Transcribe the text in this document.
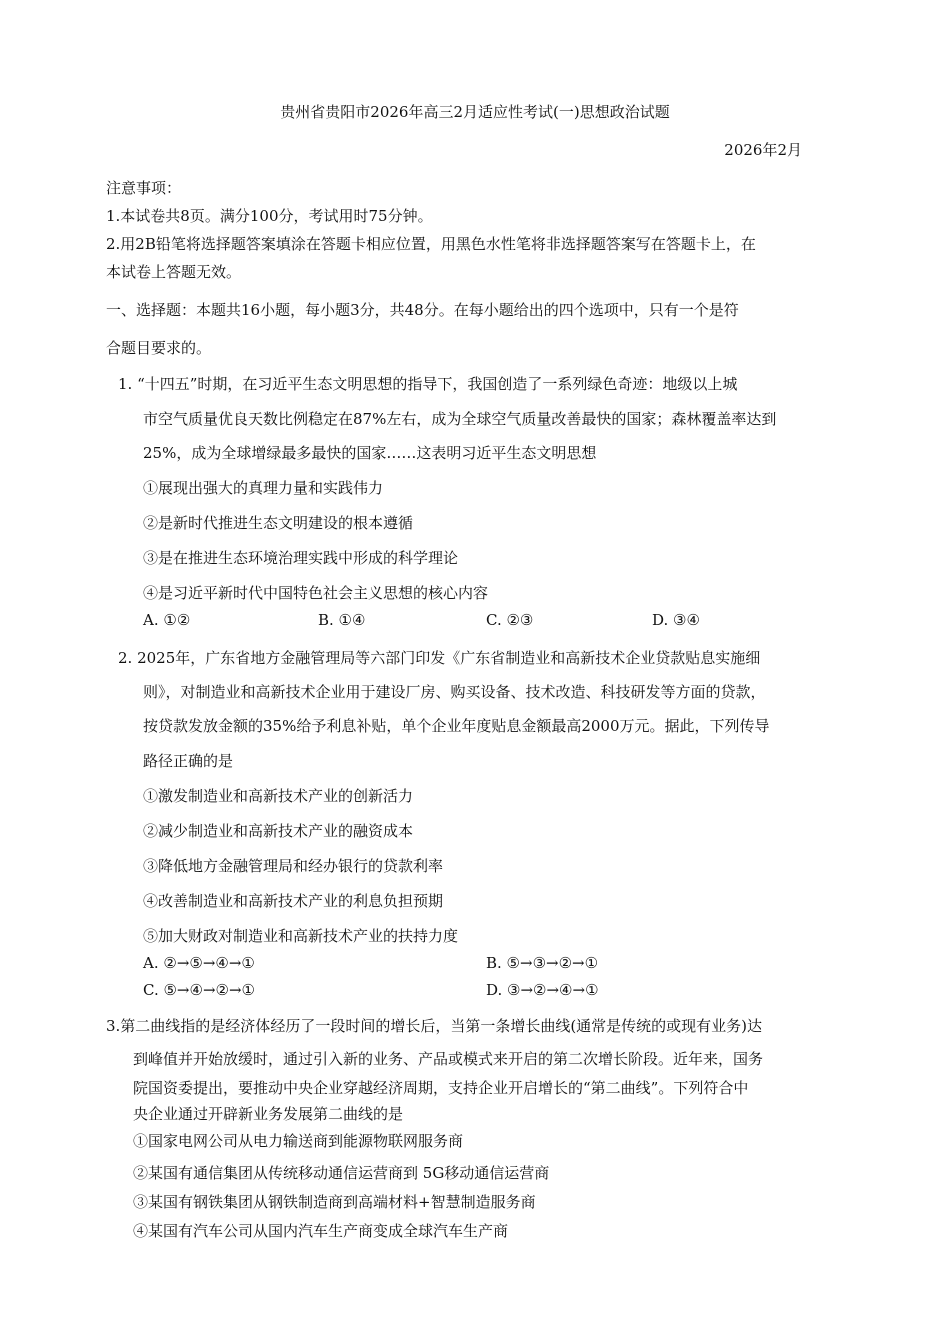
贵州省贵阳市2026年高三2月适应性考试(一)思想政治试题
2026年2月
注意事项：
1.本试卷共8页。满分100分，考试用时75分钟。
2.用2B铅笔将选择题答案填涂在答题卡相应位置，用黑色水性笔将非选择题答案写在答题卡上，在
本试卷上答题无效。
一、选择题：本题共16小题，每小题3分，共48分。在每小题给出的四个选项中，只有一个是符
合题目要求的。
1. “十四五”时期，在习近平生态文明思想的指导下，我国创造了一系列绿色奇迹：地级以上城
市空气质量优良天数比例稳定在87%左右，成为全球空气质量改善最快的国家；森林覆盖率达到
25%，成为全球增绿最多最快的国家……这表明习近平生态文明思想
①展现出强大的真理力量和实践伟力
②是新时代推进生态文明建设的根本遵循
③是在推进生态环境治理实践中形成的科学理论
④是习近平新时代中国特色社会主义思想的核心内容
A. ①②	B. ①④	C. ②③	D. ③④
2. 2025年，广东省地方金融管理局等六部门印发《广东省制造业和高新技术企业贷款贴息实施细
则》，对制造业和高新技术企业用于建设厂房、购买设备、技术改造、科技研发等方面的贷款，
按贷款发放金额的35%给予利息补贴，单个企业年度贴息金额最高2000万元。据此，下列传导
路径正确的是
①激发制造业和高新技术产业的创新活力
②减少制造业和高新技术产业的融资成本
③降低地方金融管理局和经办银行的贷款利率
④改善制造业和高新技术产业的利息负担预期
⑤加大财政对制造业和高新技术产业的扶持力度
A. ②→⑤→④→①	B. ⑤→③→②→①
C. ⑤→④→②→①	D. ③→②→④→①
3.第二曲线指的是经济体经历了一段时间的增长后，当第一条增长曲线(通常是传统的或现有业务)达
到峰值并开始放缓时，通过引入新的业务、产品或模式来开启的第二次增长阶段。近年来，国务
院国资委提出，要推动中央企业穿越经济周期，支持企业开启增长的“第二曲线”。下列符合中
央企业通过开辟新业务发展第二曲线的是
①国家电网公司从电力输送商到能源物联网服务商
②某国有通信集团从传统移动通信运营商到 5G移动通信运营商
③某国有钢铁集团从钢铁制造商到高端材料+智慧制造服务商
④某国有汽车公司从国内汽车生产商变成全球汽车生产商
